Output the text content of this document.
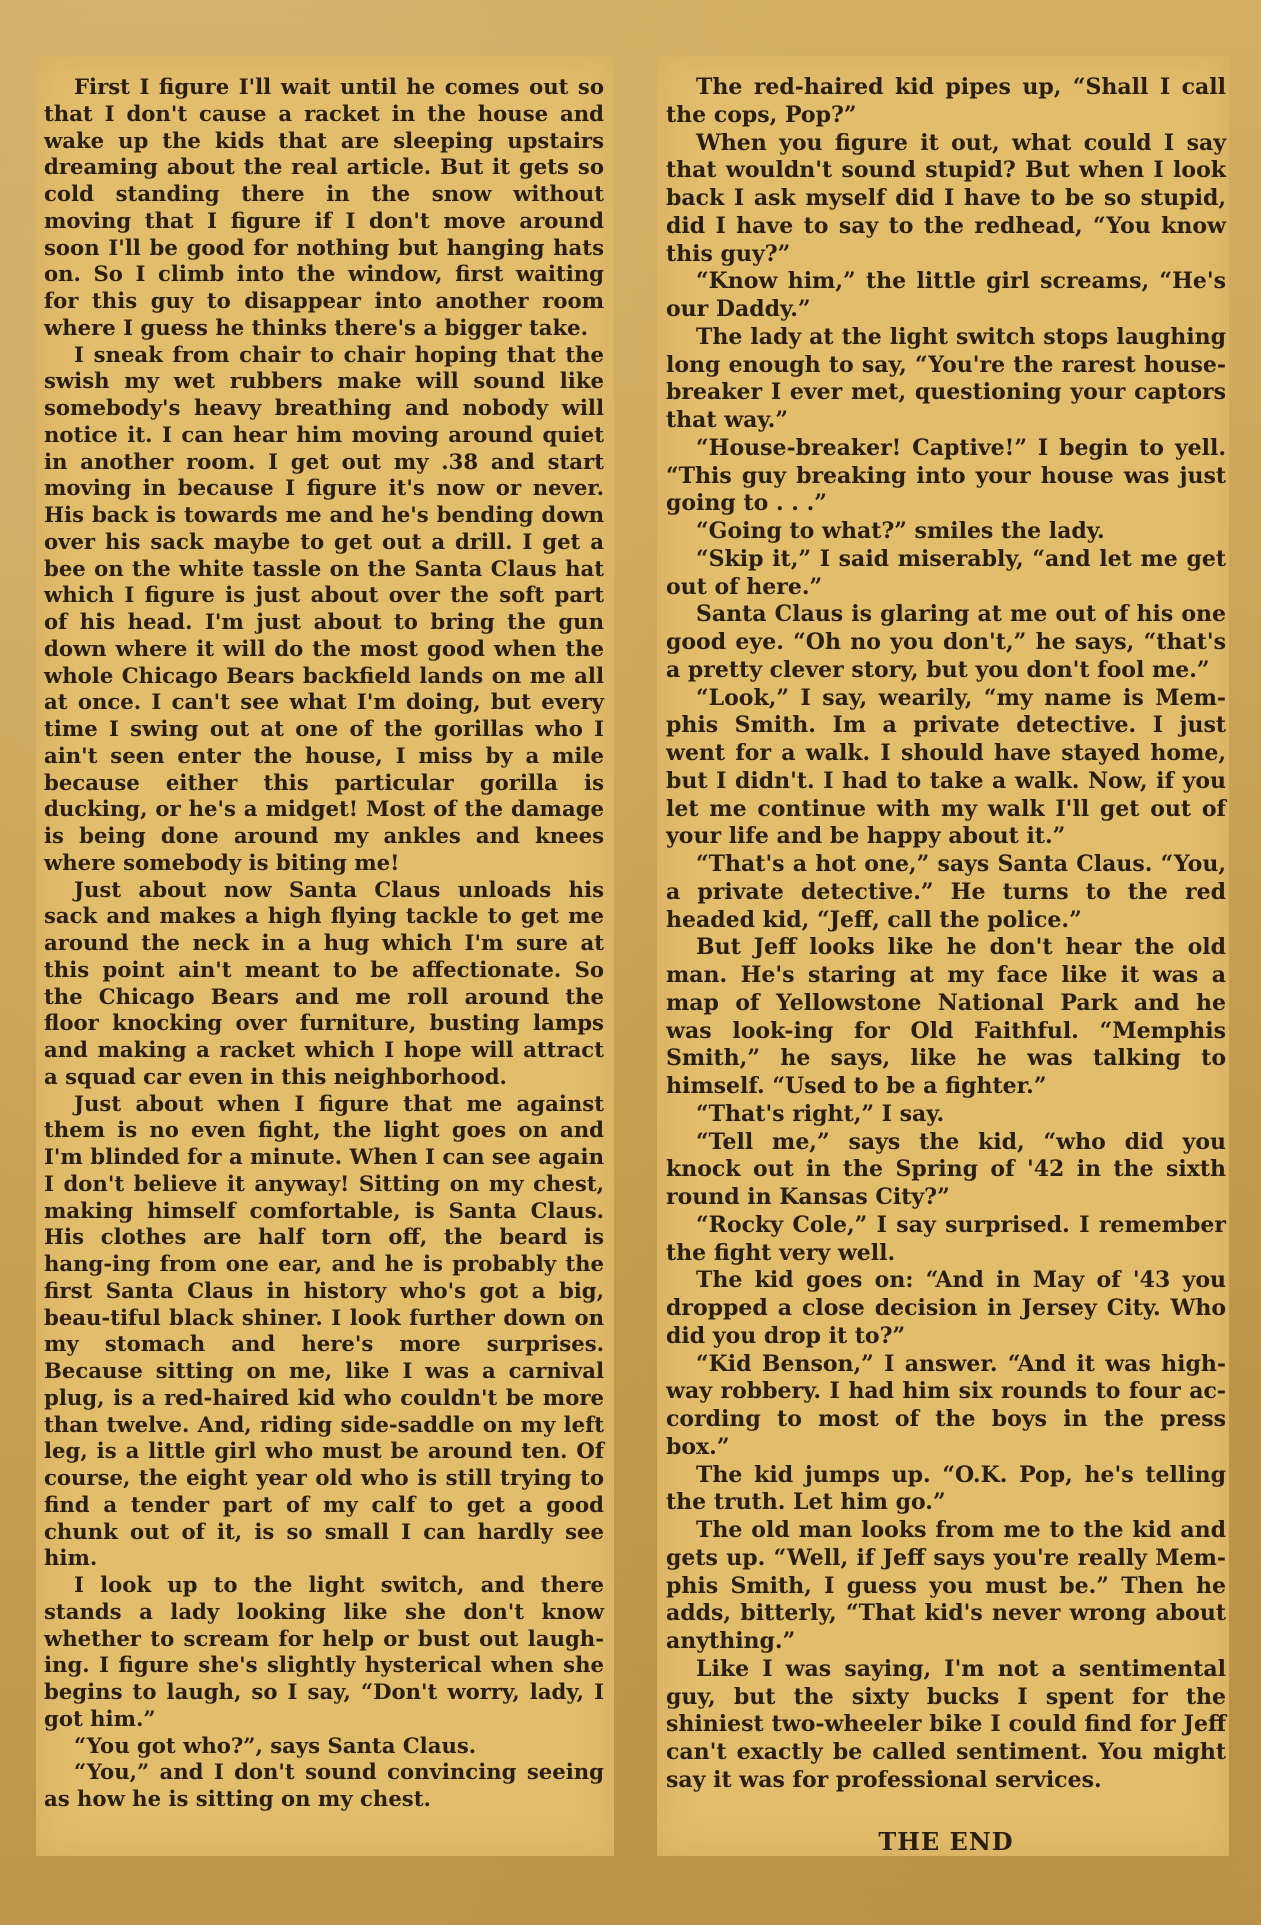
First I figure I'll wait until he comes out so that I don't cause a racket in the house and wake up the kids that are sleeping upstairs dreaming about the real article. But it gets so cold standing there in the snow without moving that I figure if I don't move around soon I'll be good for nothing but hanging hats on. So I climb into the window, first waiting for this guy to disappear into another room where I guess he thinks there's a bigger take.

I sneak from chair to chair hoping that the swish my wet rubbers make will sound like somebody's heavy breathing and nobody will notice it. I can hear him moving around quiet in another room. I get out my .38 and start moving in because I figure it's now or never. His back is towards me and he's bending down over his sack maybe to get out a drill. I get a bee on the white tassle on the Santa Claus hat which I figure is just about over the soft part of his head. I'm just about to bring the gun down where it will do the most good when the whole Chicago Bears backfield lands on me all at once. I can't see what I'm doing, but every time I swing out at one of the gorillas who I ain't seen enter the house, I miss by a mile because either this particular gorilla is ducking, or he's a midget! Most of the damage is being done around my ankles and knees where somebody is biting me!

Just about now Santa Claus unloads his sack and makes a high flying tackle to get me around the neck in a hug which I'm sure at this point ain't meant to be affectionate. So the Chicago Bears and me roll around the floor knocking over furniture, busting lamps and making a racket which I hope will attract a squad car even in this neighborhood.

Just about when I figure that me against them is no even fight, the light goes on and I'm blinded for a minute. When I can see again I don't believe it anyway! Sitting on my chest, making himself comfortable, is Santa Claus. His clothes are half torn off, the beard is hang-ing from one ear, and he is probably the first Santa Claus in history who's got a big, beau-tiful black shiner. I look further down on my stomach and here's more surprises. Because sitting on me, like I was a carnival plug, is a red-haired kid who couldn't be more than twelve. And, riding side-saddle on my left leg, is a little girl who must be around ten. Of course, the eight year old who is still trying to find a tender part of my calf to get a good chunk out of it, is so small I can hardly see him.

I look up to the light switch, and there stands a lady looking like she don't know whether to scream for help or bust out laugh-ing. I figure she's slightly hysterical when she begins to laugh, so I say, “Don't worry, lady, I got him.”

“You got who?”, says Santa Claus.

“You,” and I don't sound convincing seeing as how he is sitting on my chest.

The red-haired kid pipes up, “Shall I call the cops, Pop?”

When you figure it out, what could I say that wouldn't sound stupid? But when I look back I ask myself did I have to be so stupid, did I have to say to the redhead, “You know this guy?”

“Know him,” the little girl screams, “He's our Daddy.”

The lady at the light switch stops laughing long enough to say, “You're the rarest house-breaker I ever met, questioning your captors that way.”

“House-breaker! Captive!” I begin to yell. “This guy breaking into your house was just going to . . .”

“Going to what?” smiles the lady.

“Skip it,” I said miserably, “and let me get out of here.”

Santa Claus is glaring at me out of his one good eye. “Oh no you don't,” he says, “that's a pretty clever story, but you don't fool me.”

“Look,” I say, wearily, “my name is Mem-phis Smith. Im a private detective. I just went for a walk. I should have stayed home, but I didn't. I had to take a walk. Now, if you let me continue with my walk I'll get out of your life and be happy about it.”

“That's a hot one,” says Santa Claus. “You, a private detective.” He turns to the red headed kid, “Jeff, call the police.”

But Jeff looks like he don't hear the old man. He's staring at my face like it was a map of Yellowstone National Park and he was look-ing for Old Faithful. “Memphis Smith,” he says, like he was talking to himself. “Used to be a fighter.”

“That's right,” I say.

“Tell me,” says the kid, “who did you knock out in the Spring of '42 in the sixth round in Kansas City?”

“Rocky Cole,” I say surprised. I remember the fight very well.

The kid goes on: “And in May of '43 you dropped a close decision in Jersey City. Who did you drop it to?”

“Kid Benson,” I answer. “And it was high-way robbery. I had him six rounds to four ac-cording to most of the boys in the press box.”

The kid jumps up. “O.K. Pop, he's telling the truth. Let him go.”

The old man looks from me to the kid and gets up. “Well, if Jeff says you're really Mem-phis Smith, I guess you must be.” Then he adds, bitterly, “That kid's never wrong about anything.”

Like I was saying, I'm not a sentimental guy, but the sixty bucks I spent for the shiniest two-wheeler bike I could find for Jeff can't exactly be called sentiment. You might say it was for professional services.

THE END
